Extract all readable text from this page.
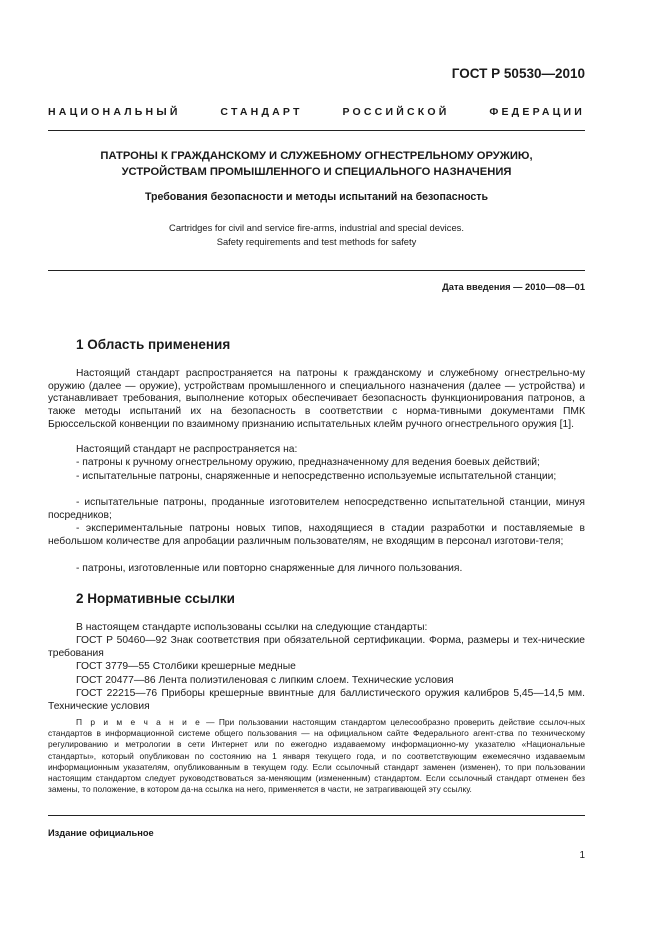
ГОСТ Р 50530—2010
НАЦИОНАЛЬНЫЙ СТАНДАРТ РОССИЙСКОЙ ФЕДЕРАЦИИ
ПАТРОНЫ К ГРАЖДАНСКОМУ И СЛУЖЕБНОМУ ОГНЕСТРЕЛЬНОМУ ОРУЖИЮ,
УСТРОЙСТВАМ ПРОМЫШЛЕННОГО И СПЕЦИАЛЬНОГО НАЗНАЧЕНИЯ
Требования безопасности и методы испытаний на безопасность
Cartridges for civil and service fire-arms, industrial and special devices.
Safety requirements and test methods for safety
Дата введения — 2010—08—01
1 Область применения

Настоящий стандарт распространяется на патроны к гражданскому и служебному огнестрельно-му оружию (далее — оружие), устройствам промышленного и специального назначения (далее — устройства) и устанавливает требования, выполнение которых обеспечивает безопасность функционирования патронов, а также методы испытаний их на безопасность в соответствии с норма-тивными документами ПМК Брюссельской конвенции по взаимному признанию испытательных клейм ручного огнестрельного оружия [1].

Настоящий стандарт не распространяется на:

- патроны к ручному огнестрельному оружию, предназначенному для ведения боевых действий;

- испытательные патроны, снаряженные и непосредственно используемые испытательной станции;

- испытательные патроны, проданные изготовителем непосредственно испытательной станции, минуя посредников;

- экспериментальные патроны новых типов, находящиеся в стадии разработки и поставляемые в небольшом количестве для апробации различным пользователям, не входящим в персонал изготови-теля;

- патроны, изготовленные или повторно снаряженные для личного пользования.

2 Нормативные ссылки

В настоящем стандарте использованы ссылки на следующие стандарты:

ГОСТ Р 50460—92 Знак соответствия при обязательной сертификации. Форма, размеры и тех-нические требования

ГОСТ 3779—55 Столбики крешерные медные

ГОСТ 20477—86 Лента полиэтиленовая с липким слоем. Технические условия

ГОСТ 22215—76 Приборы крешерные ввинтные для баллистического оружия калибров 5,45—14,5 мм. Технические условия

П р и м е ч а н и е — При пользовании настоящим стандартом целесообразно проверить действие ссылоч-ных стандартов в информационной системе общего пользования — на официальном сайте Федерального агент-ства по техническому регулированию и метрологии в сети Интернет или по ежегодно издаваемому информационно-му указателю «Национальные стандарты», который опубликован по состоянию на 1 января текущего года, и по соответствующим ежемесячно издаваемым информационным указателям, опубликованным в текущем году. Если ссылочный стандарт заменен (изменен), то при пользовании настоящим стандартом следует руководствоваться за-меняющим (измененным) стандартом. Если ссылочный стандарт отменен без замены, то положение, в котором да-на ссылка на него, применяется в части, не затрагивающей эту ссылку.

Издание официальное
1
